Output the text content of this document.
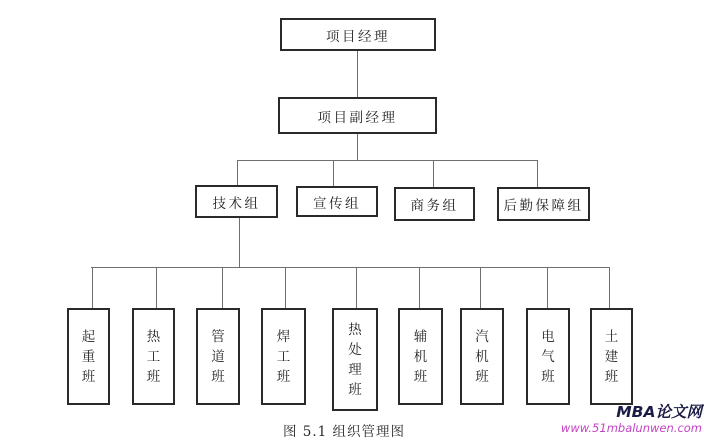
项目经理
项目副经理
技术组	宣传组	商务组	后勤保障组
起重班
热工班
管道班
焊工班
热处理班
辅机班
汽机班
电气班
土建班
图 5.1 组织管理图
MBA论文网
www.51mbalunwen.com
